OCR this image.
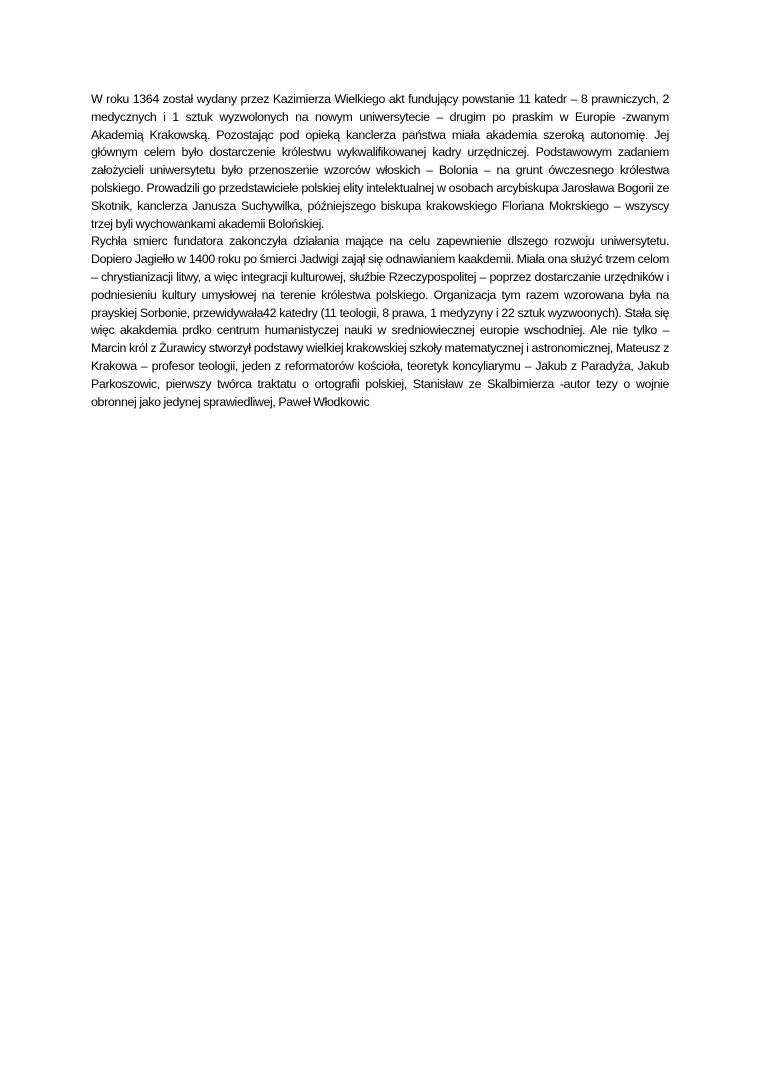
W roku 1364 został wydany przez Kazimierza Wielkiego akt fundujący powstanie 11 katedr – 8 prawniczych, 2 medycznych i 1 sztuk wyzwolonych na nowym uniwersytecie – drugim po praskim w Europie -zwanym Akademią Krakowską. Pozostając pod opieką kanclerza państwa miała akademia szeroką autonomię. Jej głównym celem było dostarczenie królestwu wykwalifikowanej kadry urzędniczej. Podstawowym zadaniem założycieli uniwersytetu było przenoszenie wzorców włoskich – Bolonia – na grunt ówczesnego królestwa polskiego. Prowadzili go przedstawiciele polskiej elity intelektualnej w osobach arcybiskupa Jarosława Bogorii ze Skotnik, kanclerza Janusza Suchywilka, późniejszego biskupa krakowskiego Floriana Mokrskiego – wszyscy trzej byli wychowankami akademii Bolońskiej.

Rychła smierc fundatora zakonczyła działania mające na celu zapewnienie dlszego rozwoju uniwersytetu. Dopiero Jagiełło w 1400 roku po śmierci Jadwigi zajął się odnawianiem kaakdemii. Miała ona służyć trzem celom – chrystianizacji litwy, a więc integracji kulturowej, słuźbie Rzeczypospolitej – poprzez dostarczanie urzędników i podniesieniu kultury umysłowej na terenie królestwa polskiego. Organizacja tym razem wzorowana była na prayskiej Sorbonie, przewidywała42 katedry (11 teologii, 8 prawa, 1 medyzyny i 22 sztuk wyzwoonych). Stała się więc akakdemia prdko centrum humanistyczej nauki w sredniowiecznej europie wschodniej. Ale nie tylko – Marcin król z Żurawicy stworzył podstawy wielkiej krakowskiej szkoły matematycznej i astronomicznej, Mateusz z Krakowa – profesor teologii, jeden z reformatorów kościoła, teoretyk koncyliarymu – Jakub z Paradyża, Jakub Parkoszowic, pierwszy twórca traktatu o ortografii polskiej, Stanisław ze Skalbimierza -autor tezy o wojnie obronnej jako jedynej sprawiedliwej, Paweł Włodkowic
